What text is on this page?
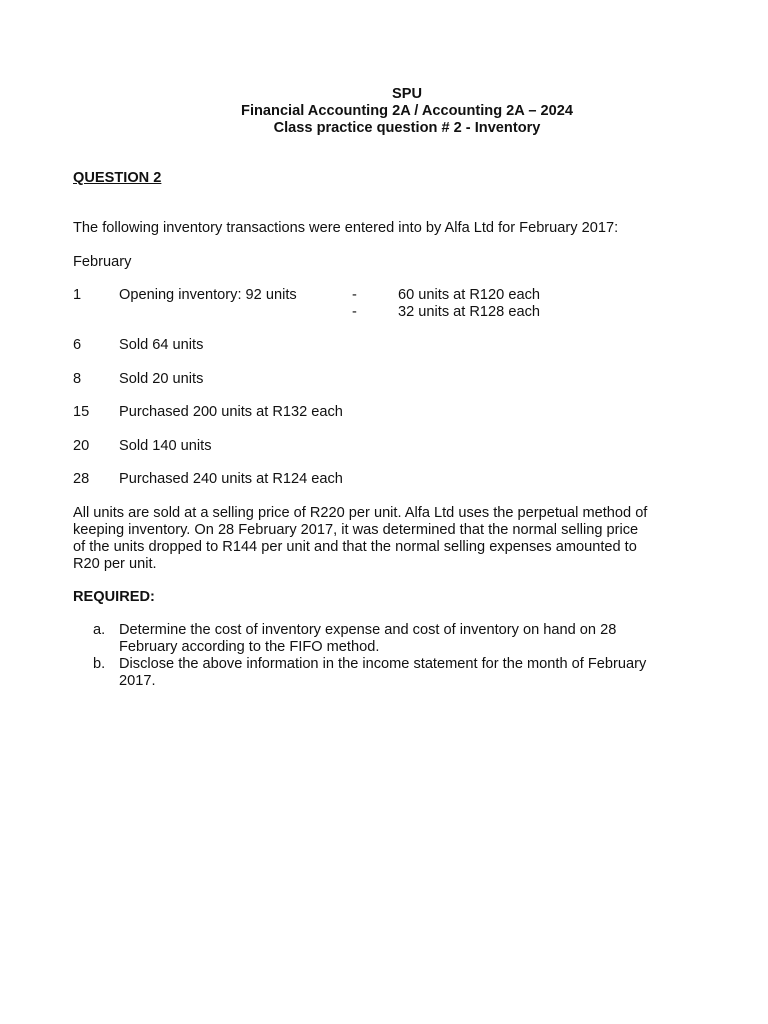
SPU
Financial Accounting 2A / Accounting 2A – 2024
Class practice question # 2 - Inventory
QUESTION 2
The following inventory transactions were entered into by Alfa Ltd for February 2017:
February
1	Opening inventory: 92 units	-	60 units at R120 each
-	32 units at R128 each
6	Sold 64 units
8	Sold 20 units
15 Purchased 200 units at R132 each
20 Sold 140 units
28 Purchased 240 units at R124 each
All units are sold at a selling price of R220 per unit. Alfa Ltd uses the perpetual method of
keeping inventory. On 28 February 2017, it was determined that the normal selling price
of the units dropped to R144 per unit and that the normal selling expenses amounted to
R20 per unit.
REQUIRED:
a. Determine the cost of inventory expense and cost of inventory on hand on 28
February according to the FIFO method.
b. Disclose the above information in the income statement for the month of February
2017.
